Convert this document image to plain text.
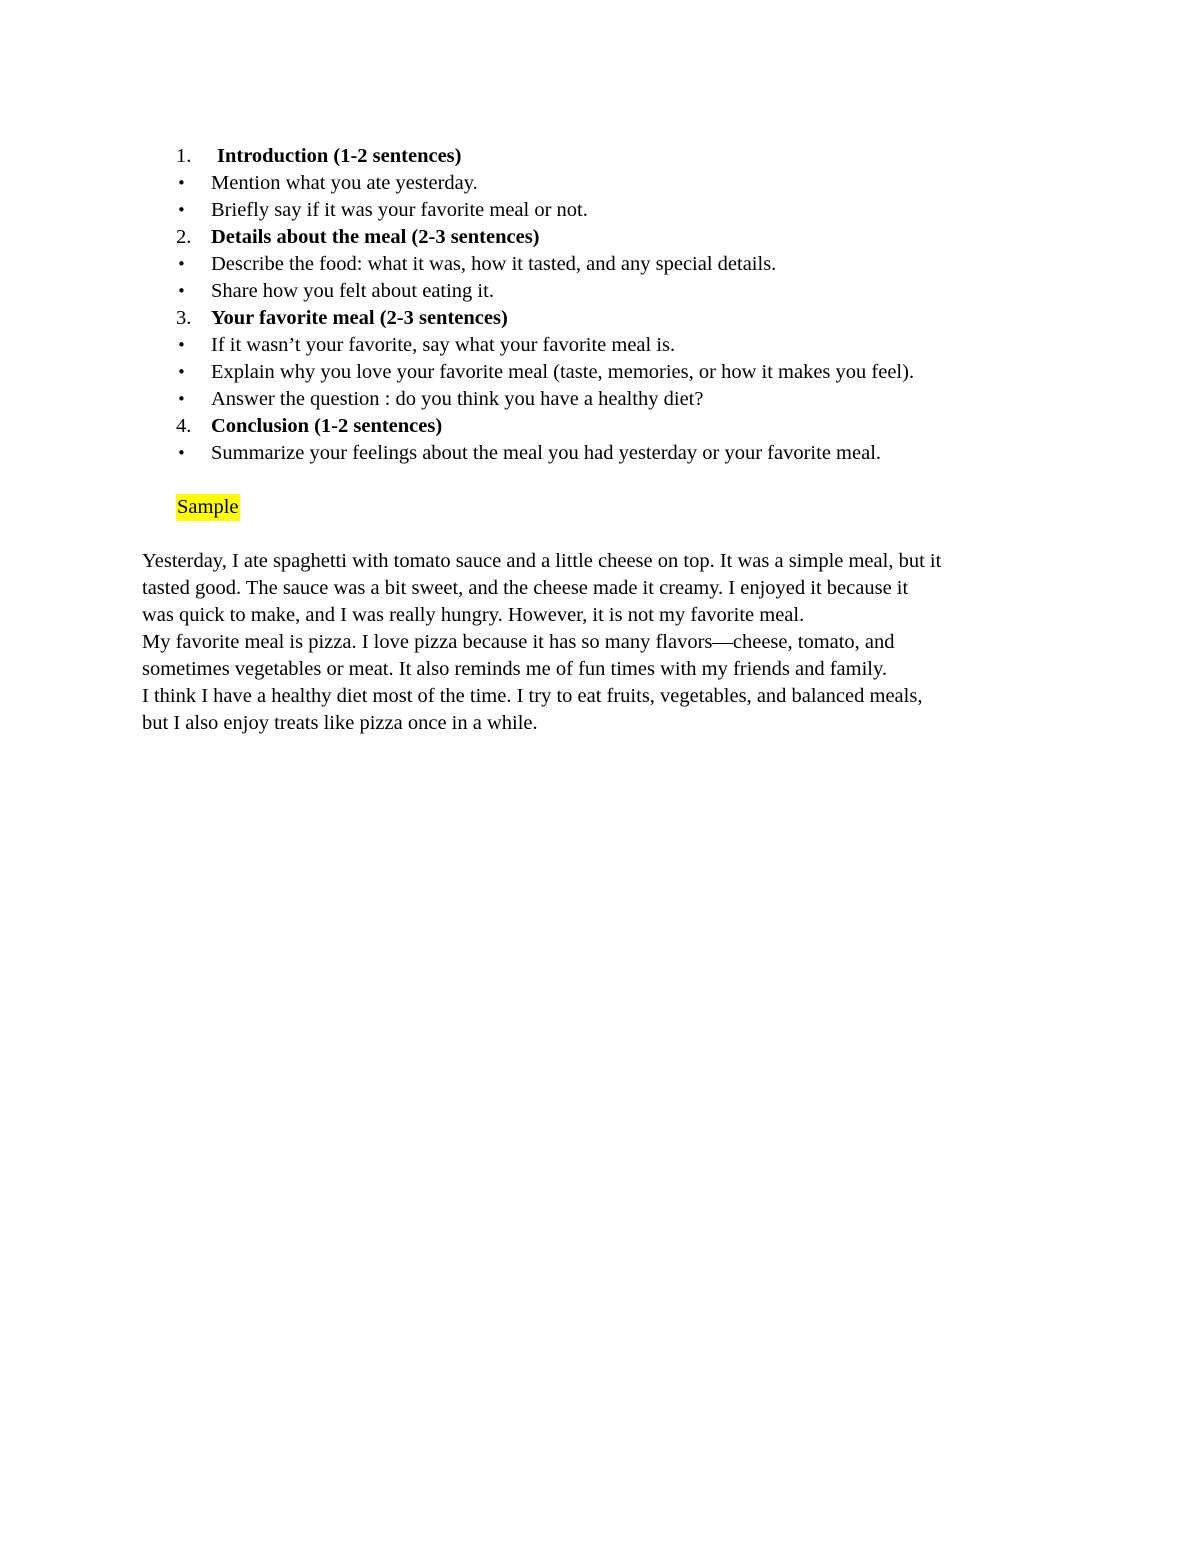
1.	Introduction (1-2 sentences)
• Mention what you ate yesterday.
• Briefly say if it was your favorite meal or not.
2. Details about the meal (2-3 sentences)
• Describe the food: what it was, how it tasted, and any special details.
• Share how you felt about eating it.
3. Your favorite meal (2-3 sentences)
• If it wasn’t your favorite, say what your favorite meal is.
• Explain why you love your favorite meal (taste, memories, or how it makes you feel).
• Answer the question : do you think you have a healthy diet?
4. Conclusion (1-2 sentences)
• Summarize your feelings about the meal you had yesterday or your favorite meal.
Sample
Yesterday, I ate spaghetti with tomato sauce and a little cheese on top. It was a simple meal, but it
tasted good. The sauce was a bit sweet, and the cheese made it creamy. I enjoyed it because it
was quick to make, and I was really hungry. However, it is not my favorite meal.
My favorite meal is pizza. I love pizza because it has so many flavors—cheese, tomato, and
sometimes vegetables or meat. It also reminds me of fun times with my friends and family.
I think I have a healthy diet most of the time. I try to eat fruits, vegetables, and balanced meals,
but I also enjoy treats like pizza once in a while.
